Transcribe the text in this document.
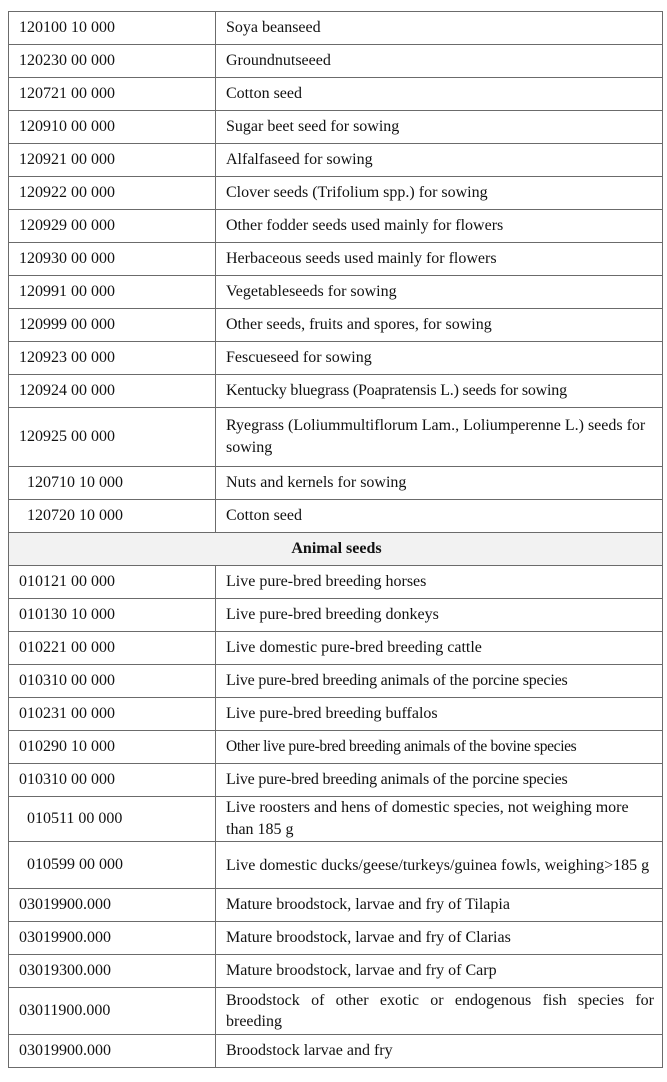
120100 10 000	Soya beanseed
120230 00 000	Groundnutseeed
120721 00 000	Cotton seed
120910 00 000	Sugar beet seed for sowing
120921 00 000	Alfalfaseed for sowing
120922 00 000	Clover seeds (Trifolium spp.) for sowing
120929 00 000	Other fodder seeds used mainly for flowers
120930 00 000	Herbaceous seeds used mainly for flowers
120991 00 000	Vegetableseeds for sowing
120999 00 000	Other seeds, fruits and spores, for sowing
120923 00 000	Fescueseed for sowing
120924 00 000	Kentucky bluegrass (Poapratensis L.) seeds for sowing
120925 00 000	Ryegrass (Loliummultiflorum Lam., Loliumperenne L.) seeds for sowing
120710 10 000	Nuts and kernels for sowing
120720 10 000	Cotton seed
Animal seeds	
010121 00 000	Live pure-bred breeding horses
010130 10 000	Live pure-bred breeding donkeys
010221 00 000	Live domestic pure-bred breeding cattle
010310 00 000	Live pure-bred breeding animals of the porcine species
010231 00 000	Live pure-bred breeding buffalos
010290 10 000	Other live pure-bred breeding animals of the bovine species
010310 00 000	Live pure-bred breeding animals of the porcine species
010511 00 000	Live roosters and hens of domestic species, not weighing more than 185 g
010599 00 000	Live domestic ducks/geese/turkeys/guinea fowls, weighing>185 g
03019900.000	Mature broodstock, larvae and fry of Tilapia
03019900.000	Mature broodstock, larvae and fry of Clarias
03019300.000	Mature broodstock, larvae and fry of Carp
03011900.000	Broodstock of other exotic or endogenous fish species for breeding
03019900.000	Broodstock larvae and fry
